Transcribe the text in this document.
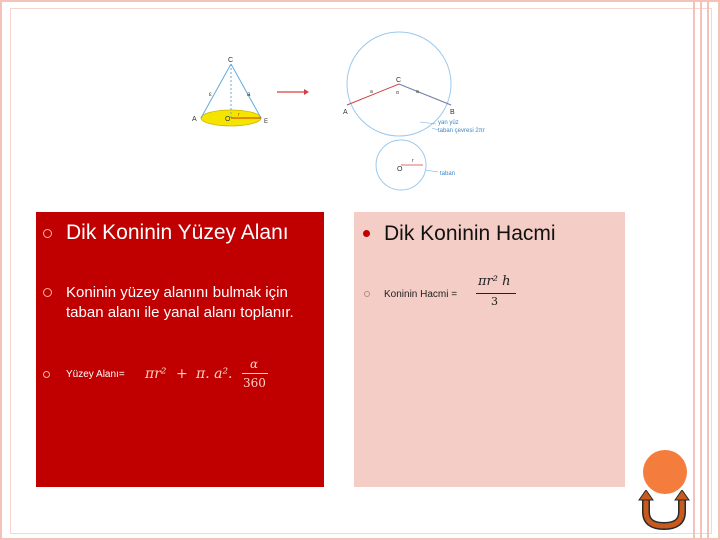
C
ε	a
A	O
r
E
C
A	B
a	a
α
yan yüz
taban çevresi 2πr
O
r
taban
Dik Koninin Yüzey Alanı
Koninin yüzey alanını bulmak için taban alanı ile yanal alanı toplanır.
Yüzey Alanı= πr² + π. a².
α
360
Dik Koninin Hacmi
Koninin Hacmi =
πr² h
3
